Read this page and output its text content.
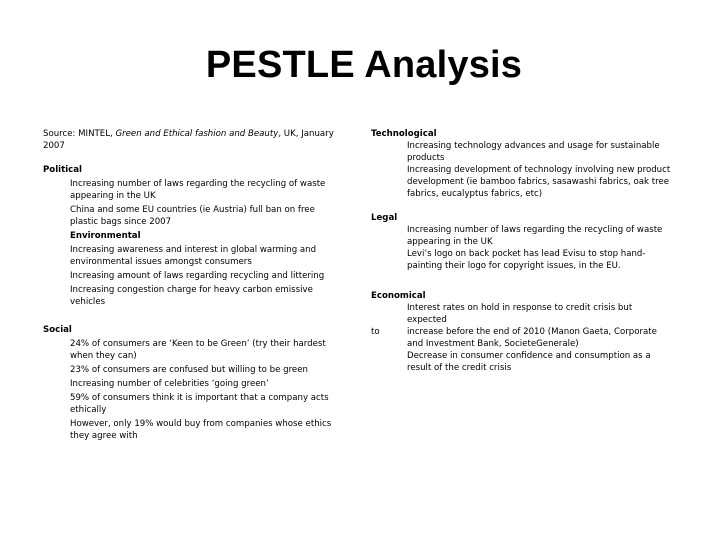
PESTLE Analysis

Source: MINTEL, Green and Ethical fashion and Beauty, UK, January 2007

Political

Increasing number of laws regarding the recycling of waste appearing in the UK

China and some EU countries (ie Austria) full ban on free plastic bags since 2007

Environmental

Increasing awareness and interest in global warming and environmental issues amongst consumers

Increasing amount of laws regarding recycling and littering

Increasing congestion charge for heavy carbon emissive vehicles

Social

24% of consumers are ‘Keen to be Green’ (try their hardest when they can)

23% of consumers are confused but willing to be green

Increasing number of celebrities ‘going green’

59% of consumers think it is important that a company acts ethically

However, only 19% would buy from companies whose ethics they agree with

Technological

Increasing technology advances and usage for sustainable products

Increasing development of technology involving new product development (ie bamboo fabrics, sasawashi fabrics, oak tree fabrics, eucalyptus fabrics, etc)

Legal

Increasing number of laws regarding the recycling of waste appearing in the UK

Levi’s logo on back pocket has lead Evisu to stop hand-painting their logo for copyright issues, in the EU.

Economical

Interest rates on hold in response to credit crisis but expected

to	increase before the end of 2010 (Manon Gaeta, Corporate and Investment Bank, SocieteGenerale)

Decrease in consumer confidence and consumption as a result of the credit crisis
